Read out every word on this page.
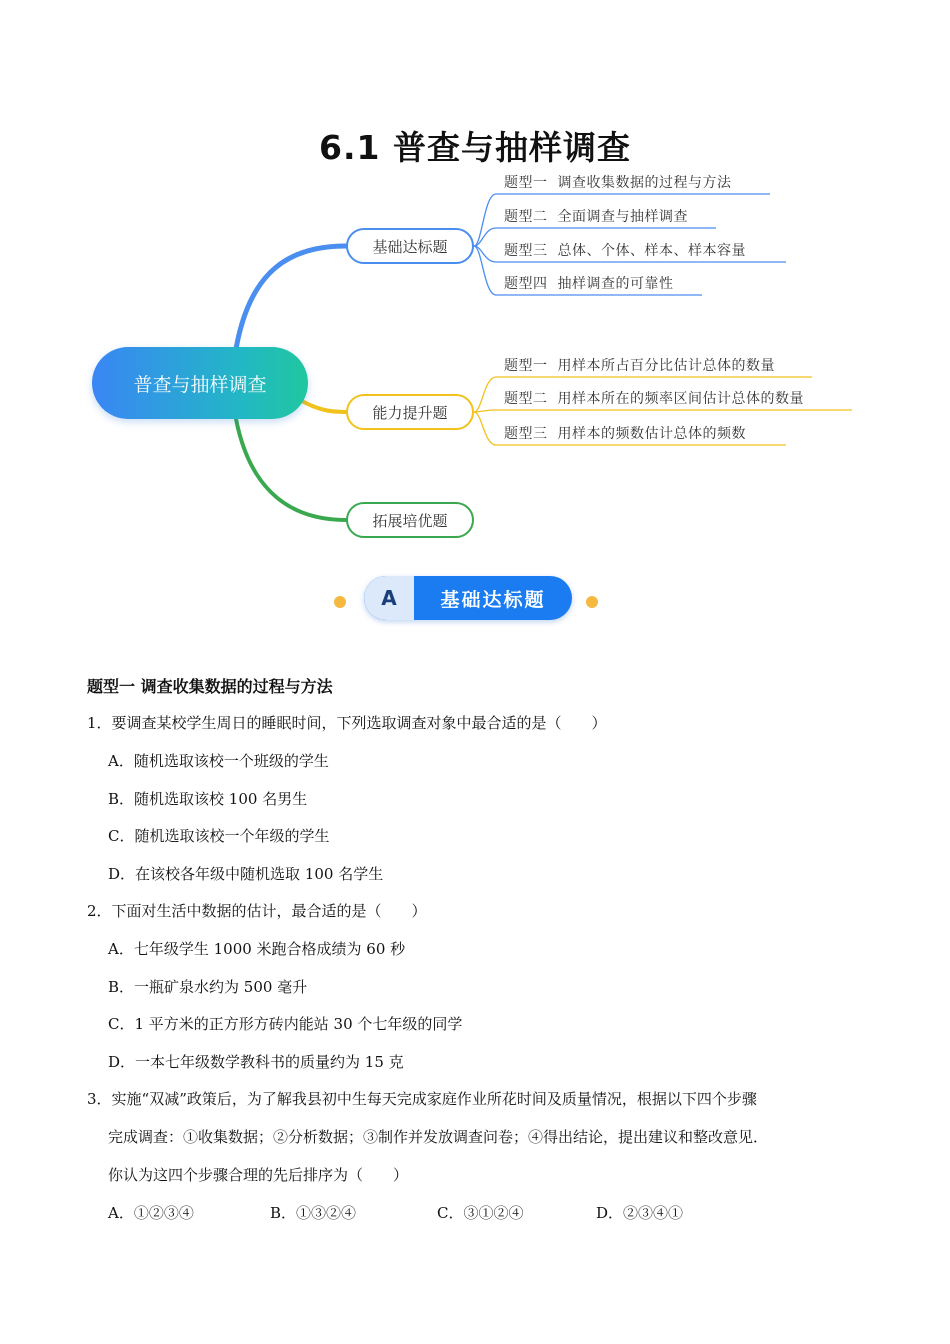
6.1 普查与抽样调查
普查与抽样调查
基础达标题
能力提升题
拓展培优题
题型一 调查收集数据的过程与方法
题型二 全面调查与抽样调查
题型三 总体、个体、样本、样本容量
题型四 抽样调查的可靠性
题型一 用样本所占百分比估计总体的数量
题型二 用样本所在的频率区间估计总体的数量
题型三 用样本的频数估计总体的频数
A	基础达标题
题型一 调查收集数据的过程与方法
1．要调查某校学生周日的睡眠时间，下列选取调查对象中最合适的是（　　）
A．随机选取该校一个班级的学生
B．随机选取该校 100 名男生
C．随机选取该校一个年级的学生
D．在该校各年级中随机选取 100 名学生
2．下面对生活中数据的估计，最合适的是（　　）
A．七年级学生 1000 米跑合格成绩为 60 秒
B．一瓶矿泉水约为 500 毫升
C．1 平方米的正方形方砖内能站 30 个七年级的同学
D．一本七年级数学教科书的质量约为 15 克
3．实施“双减”政策后，为了解我县初中生每天完成家庭作业所花时间及质量情况，根据以下四个步骤
完成调查：①收集数据；②分析数据；③制作并发放调查问卷；④得出结论，提出建议和整改意见．
你认为这四个步骤合理的先后排序为（　　）
A．①②③④	B．①③②④	C．③①②④	D．②③④①
